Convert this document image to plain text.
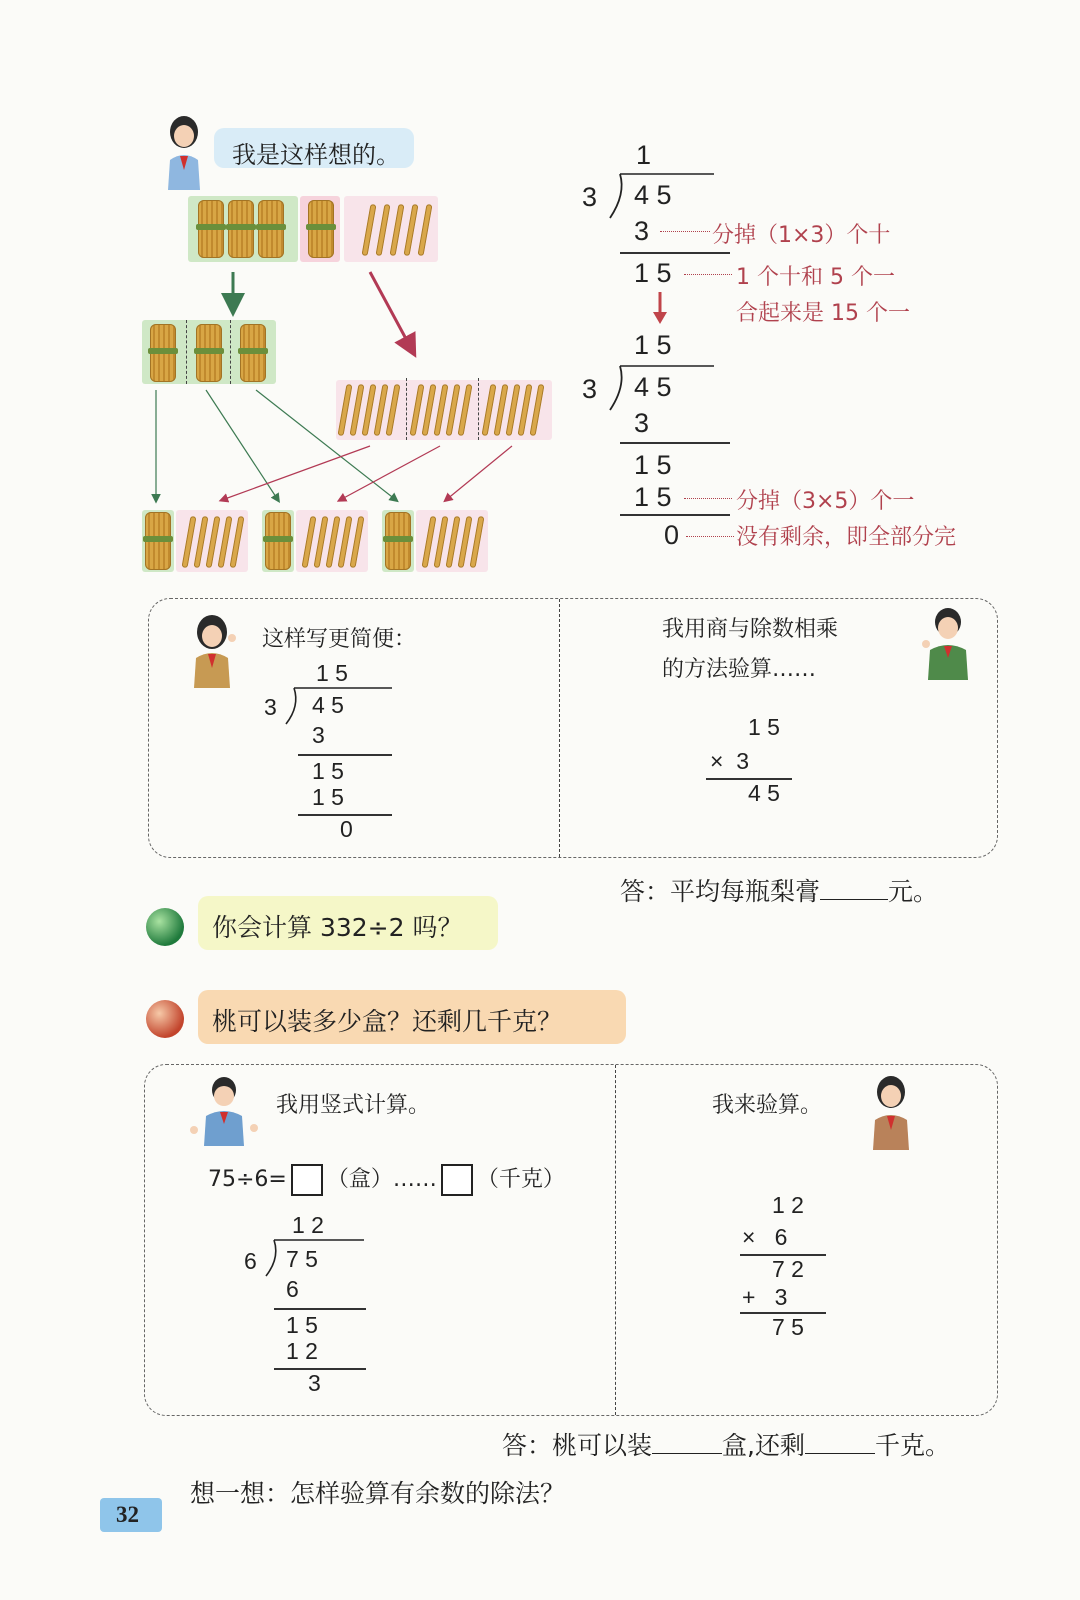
我是这样想的。	1
3 4 5
3	分掉（1×3）个十
1 5	1 个十和 5 个一
合起来是 15 个一
1 5
3 4 5
3
1 5
1 5	分掉（3×5）个一
0	没有剩余，即全部分完
这样写更简便：
1 5
3 4 5
3
1 5
1 5
0
我用商与除数相乘
的方法验算……
1 5
×  3
4 5
答：平均每瓶梨膏	元。
你会计算 332÷2 吗？
桃可以装多少盒？还剩几千克？
我用竖式计算。
75÷6= （盒）…… （千克）
1 2
6 7 5
6
1 5
1 2
3
我来验算。
1 2
×   6
7 2
+   3
7 5
答：桃可以装	盒,还剩	千克。
想一想：怎样验算有余数的除法？
32
